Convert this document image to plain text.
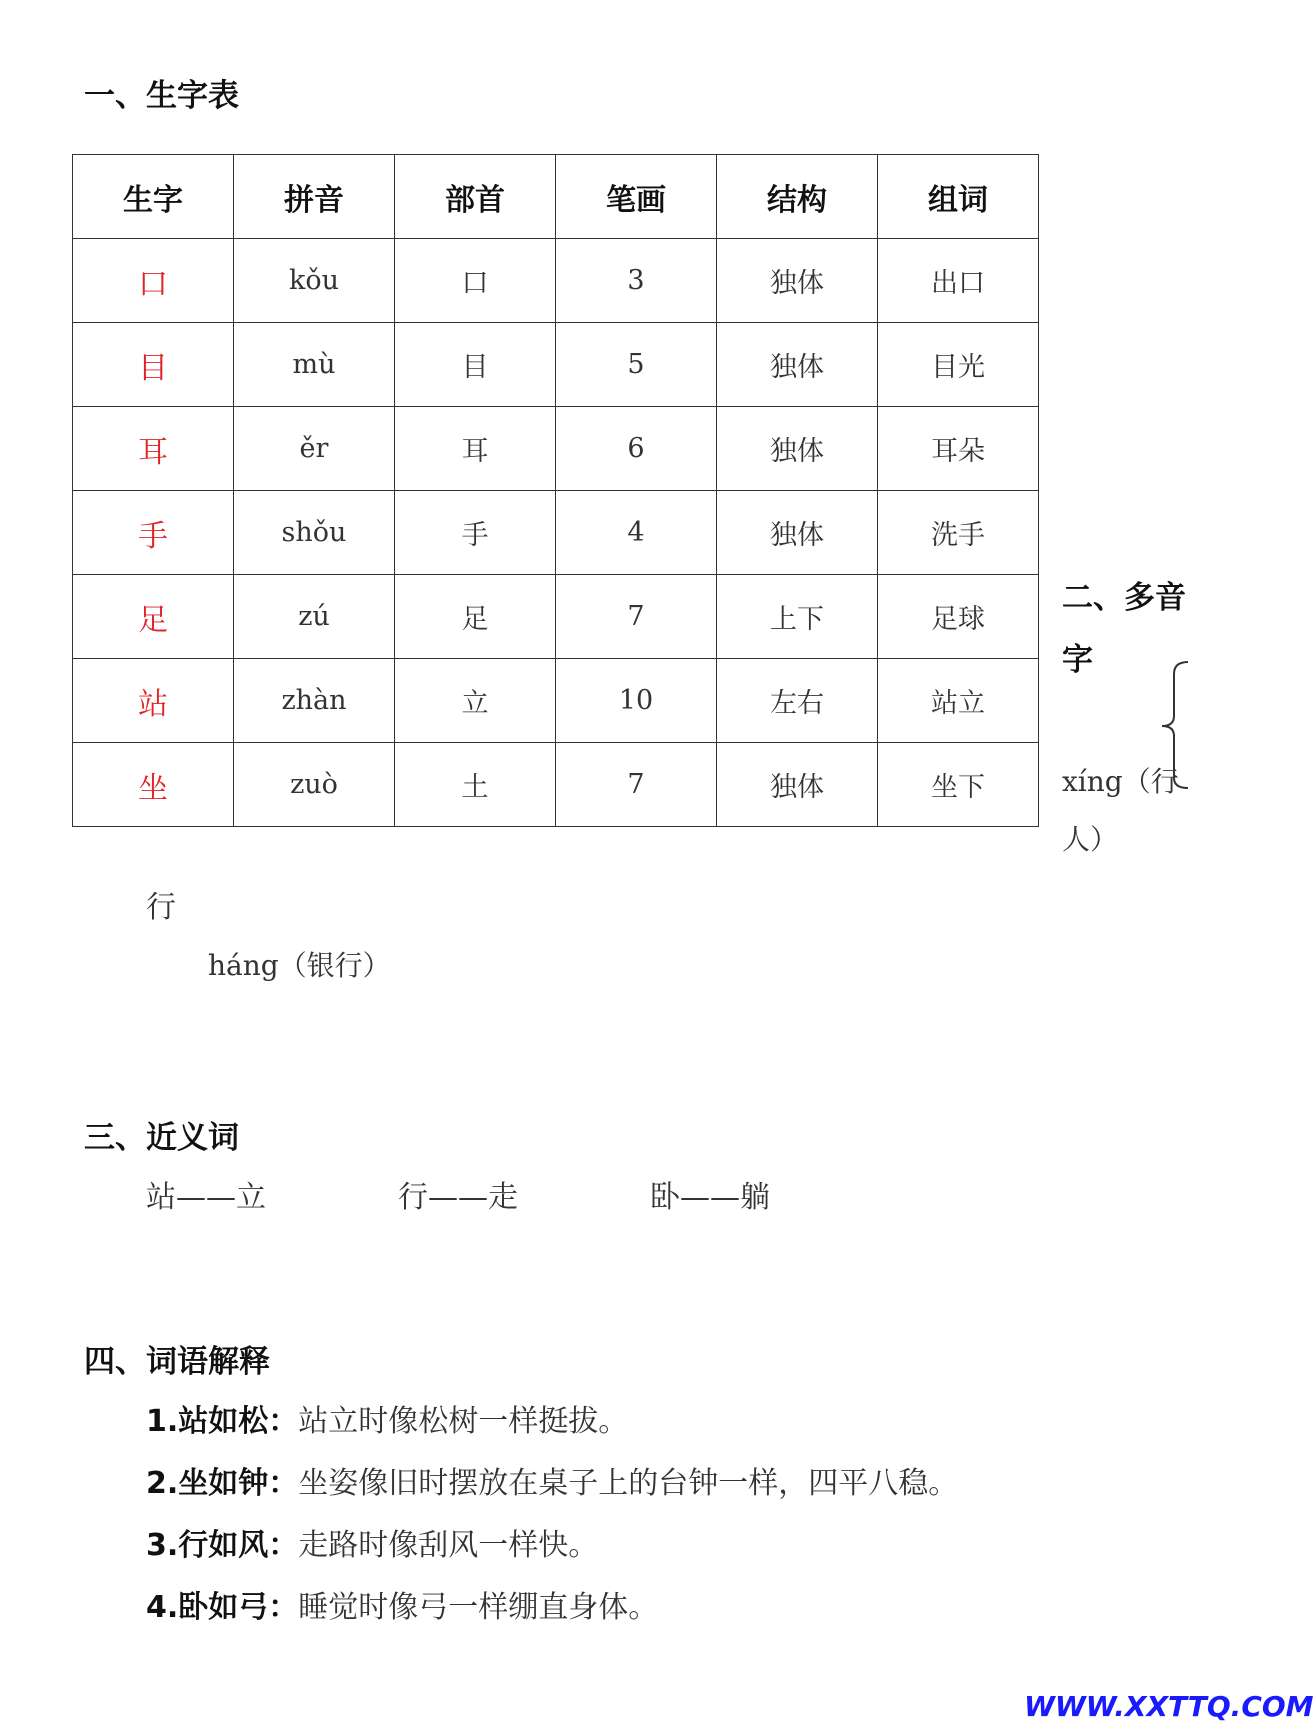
一、生字表
生字	拼音	部首	笔画	结构	组词
口	kǒu	口	3	独体	出口
目	mù	目	5	独体	目光
耳	ěr	耳	6	独体	耳朵
手	shǒu	手	4	独体	洗手
足	zú	足	7	上下	足球
站	zhàn	立	10	左右	站立
坐	zuò	土	7	独体	坐下
二、多音
字
xíng（行
人）
行
háng（银行）
三、近义词
站——立	行——走	卧——躺
四、词语解释
1.站如松：站立时像松树一样挺拔。
2.坐如钟：坐姿像旧时摆放在桌子上的台钟一样，四平八稳。
3.行如风：走路时像刮风一样快。
4.卧如弓：睡觉时像弓一样绷直身体。
WWW.XXTTQ.COM
